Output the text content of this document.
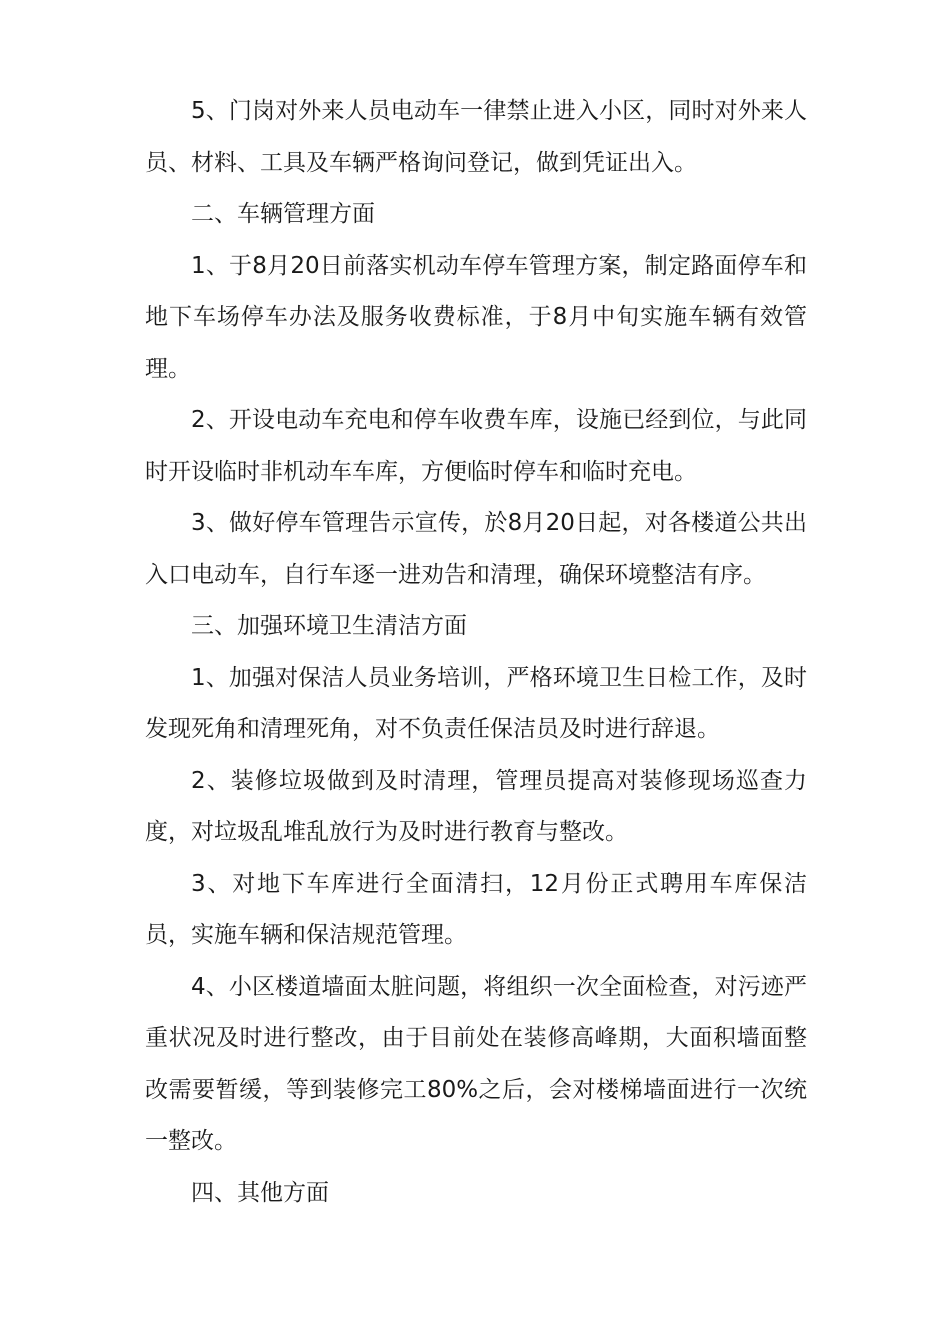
5、门岗对外来人员电动车一律禁止进入小区，同时对外来人员、材料、工具及车辆严格询问登记，做到凭证出入。

二、车辆管理方面

1、于8月20日前落实机动车停车管理方案，制定路面停车和地下车场停车办法及服务收费标准，于8月中旬实施车辆有效管理。

2、开设电动车充电和停车收费车库，设施已经到位，与此同时开设临时非机动车车库，方便临时停车和临时充电。

3、做好停车管理告示宣传，於8月20日起，对各楼道公共出入口电动车，自行车逐一进劝告和清理，确保环境整洁有序。

三、加强环境卫生清洁方面

1、加强对保洁人员业务培训，严格环境卫生日检工作，及时发现死角和清理死角，对不负责任保洁员及时进行辞退。

2、装修垃圾做到及时清理，管理员提高对装修现场巡查力度，对垃圾乱堆乱放行为及时进行教育与整改。

3、对地下车库进行全面清扫，12月份正式聘用车库保洁员，实施车辆和保洁规范管理。

4、小区楼道墙面太脏问题，将组织一次全面检查，对污迹严重状况及时进行整改，由于目前处在装修高峰期，大面积墙面整改需要暂缓，等到装修完工80%之后，会对楼梯墙面进行一次统一整改。

四、其他方面
